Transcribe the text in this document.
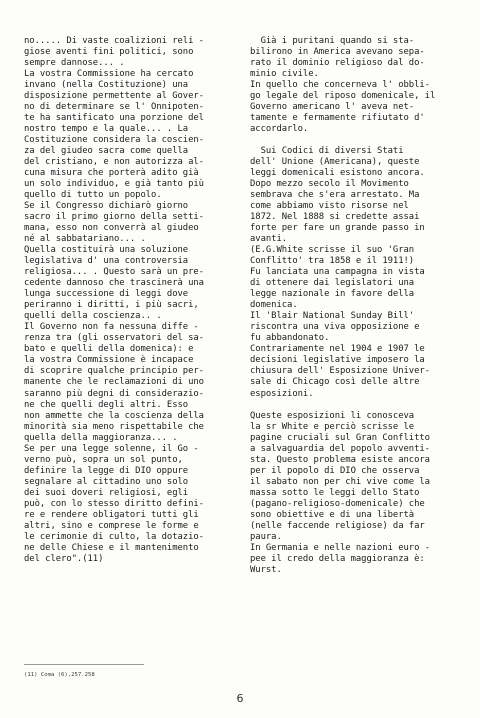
no..... Di vaste coalizioni reli -
giose aventi fini politici, sono
sempre dannose... .
La vostra Commissione ha cercato
invano (nella Costituzione) una
disposizione permettente al Gover-
no di determinare se l' Onnipoten-
te ha santificato una porzione del
nostro tempo e la quale... . La
Costituzione considera la coscien-
za del giudeo sacra come quella
del cristiano, e non autorizza al-
cuna misura che porterà adito già
un solo individuo, e già tanto più
quello di tutto un popolo.
Se il Congresso dichiarò giorno
sacro il primo giorno della setti-
mana, esso non converrà al giudeo
né al sabbatariano... .
Quella costituirà una soluzione
legislativa d' una controversia
religiosa... . Questo sarà un pre-
cedente dannoso che trascinerà una
lunga successione di leggi dove
periranno i diritti, i più sacri,
quelli della coscienza.. .
Il Governo non fa nessuna diffe -
renza tra (gli osservatori del sa-
bato e quelli della domenica): e
la vostra Commissione è incapace
di scoprire qualche principio per-
manente che le reclamazioni di uno
saranno più degni di considerazio-
ne che quelli degli altri. Esso
non ammette che la coscienza della
minorità sia meno rispettabile che
quella della maggioranza... .
Se per una legge solenne, il Go -
verno può, sopra un sol punto,
definire la legge di DIO oppure
segnalare al cittadino uno solo
dei suoi doveri religiosi, egli
può, con lo stesso diritto defini-
re e rendere obligatori tutti gli
altri, sino e comprese le forme e
le cerimonie di culto, la dotazio-
ne delle Chiese e il mantenimento
del clero".(11)
Già i puritani quando si sta-
bilirono in America avevano sepa-
rato il dominio religioso dal do-
minio civile.
In quello che concerneva l' obbli-
go legale del riposo domenicale, il
Governo americano l' aveva net-
tamente e fermamente rifiutato d'
accordarlo.
Sui Codici di diversi Stati
dell' Unione (Americana), queste
leggi domenicali esistono ancora.
Dopo mezzo secolo il Movimento
sembrava che s'era arrestato. Ma
come abbiamo visto risorse nel
1872. Nel 1888 si credette assai
forte per fare un grande passo in
avanti.
(E.G.White scrisse il suo 'Gran
Conflitto' tra 1858 e il 1911!)
Fu lanciata una campagna in vista
di ottenere dai legislatori una
legge nazionale in favore della
domenica.
Il 'Blair National Sunday Bill'
riscontra una viva opposizione e
fu abbandonato.
Contrariamente nel 1904 e 1907 le
decisioni legislative imposero la
chiusura dell' Esposizione Univer-
sale di Chicago così delle altre
esposizioni.
Queste esposizioni li conosceva
la sr White e perciò scrisse le
pagine cruciali sul Gran Conflitto
a salvaguardia del popolo avventi-
sta. Questo problema esiste ancora
per il popolo di DIO che osserva
il sabato non per chi vive come la
massa sotto le leggi dello Stato
(pagano-religioso-domenicale) che
sono obiettive e di una libertà
(nelle faccende religiose) da far
paura.
In Germania e nelle nazioni euro -
pee il credo della maggioranza è:
Wurst.
(11) Coma (6),257.258
6
